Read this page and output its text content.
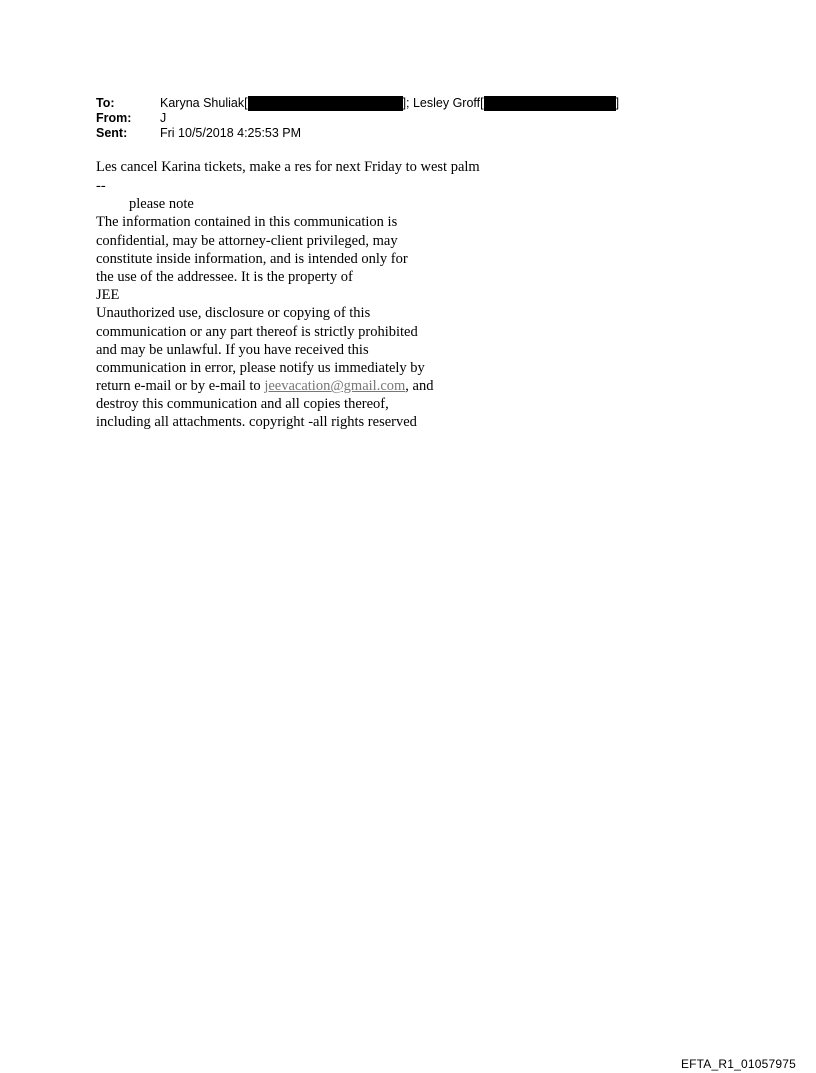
To:	Karyna Shuliak[	]; Lesley Groff[	]
From:	J
Sent:	Fri 10/5/2018 4:25:53 PM
Les cancel Karina tickets, make a res for next Friday to west palm
--
please note
The information contained in this communication is
confidential, may be attorney-client privileged, may
constitute inside information, and is intended only for
the use of the addressee. It is the property of
JEE
Unauthorized use, disclosure or copying of this
communication or any part thereof is strictly prohibited
and may be unlawful. If you have received this
communication in error, please notify us immediately by
return e-mail or by e-mail to jeevacation@gmail.com, and
destroy this communication and all copies thereof,
including all attachments. copyright -all rights reserved
EFTA_R1_01057975
